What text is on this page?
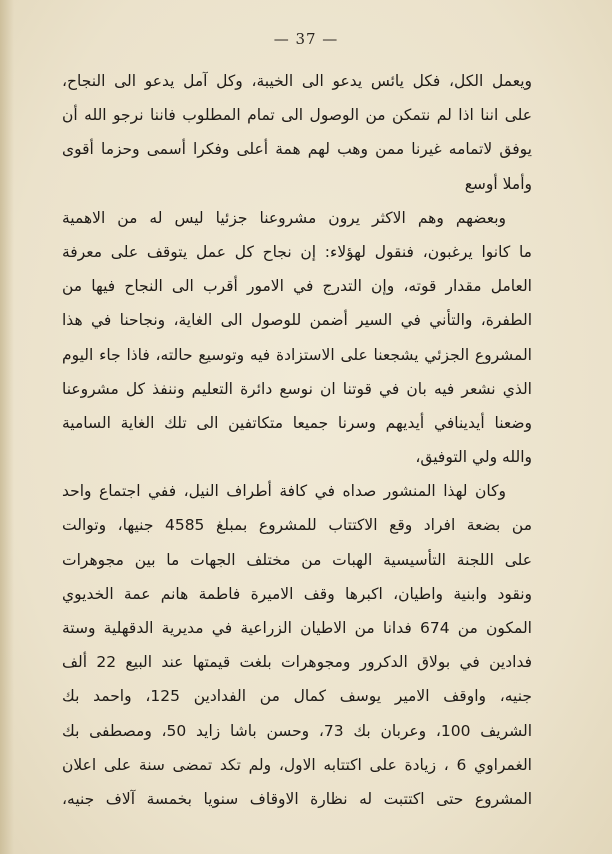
— 37 —
ويعمل الكل، فكل يائس يدعو الى الخيبة، وكل آمل يدعو الى النجاح،
على اننا اذا لم نتمكن من الوصول الى تمام المطلوب فاننا نرجو الله أن
يوفق لاتمامه غيرنا ممن وهب لهم همة أعلى وفكرا أسمى وحزما أقوى
وأملا أوسع
وبعضهم وهم الاكثر يرون مشروعنا جزئيا ليس له من الاهمية
ما كانوا يرغبون، فنقول لهؤلاء: إن نجاح كل عمل يتوقف على معرفة
العامل مقدار قوته، وإن التدرج في الامور أقرب الى النجاح فيها من
الطفرة، والتأني في السير أضمن للوصول الى الغاية، ونجاحنا في هذا
المشروع الجزئي يشجعنا على الاستزادة فيه وتوسيع حالته، فاذا جاء اليوم
الذي نشعر فيه بان في قوتنا ان نوسع دائرة التعليم وننفذ كل مشروعنا
وضعنا أيدينافي أيديهم وسرنا جميعا متكاتفين الى تلك الغاية السامية
والله ولي التوفيق،
وكان لهذا المنشور صداه في كافة أطراف النيل، ففي اجتماع واحد
من بضعة افراد وقع الاكتتاب للمشروع بمبلغ 4585 جنيها، وتوالت
على اللجنة التأسيسية الهبات من مختلف الجهات ما بين مجوهرات
ونقود وابنية واطيان، اكبرها وقف الاميرة فاطمة هانم عمة الخديوي
المكون من 674 فدانا من الاطيان الزراعية في مديرية الدقهلية وستة
فدادين في بولاق الدكرور ومجوهرات بلغت قيمتها عند البيع 22 ألف
جنيه، واوقف الامير يوسف كمال من الفدادين 125، واحمد بك
الشريف 100، وعربان بك 73، وحسن باشا زايد 50، ومصطفى بك
الغمراوي 6 ، زيادة على اكتتابه الاول، ولم تكد تمضى سنة على اعلان
المشروع حتى اكتتبت له نظارة الاوقاف سنويا بخمسة آلاف جنيه،
